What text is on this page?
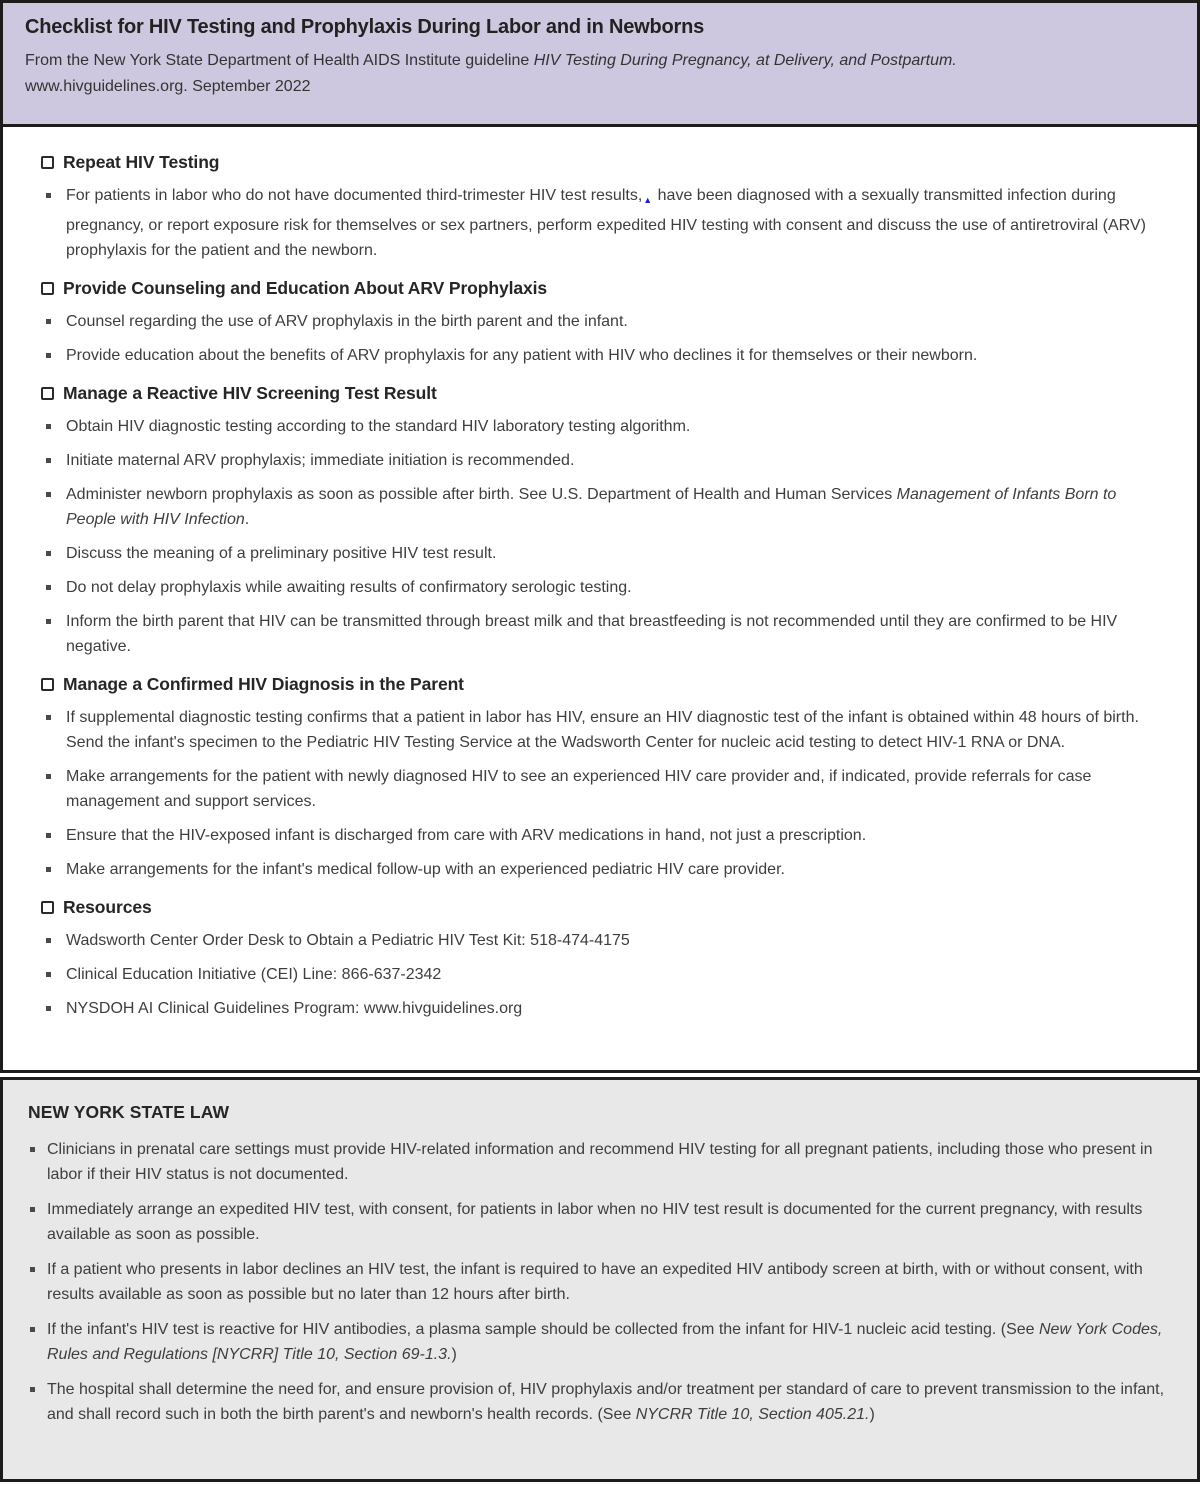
Checklist for HIV Testing and Prophylaxis During Labor and in Newborns
From the New York State Department of Health AIDS Institute guideline HIV Testing During Pregnancy, at Delivery, and Postpartum.
www.hivguidelines.org. September 2022
Repeat HIV Testing
For patients in labor who do not have documented third-trimester HIV test results,▲ have been diagnosed with a sexually transmitted infection during pregnancy, or report exposure risk for themselves or sex partners, perform expedited HIV testing with consent and discuss the use of antiretroviral (ARV) prophylaxis for the patient and the newborn.
Provide Counseling and Education About ARV Prophylaxis
Counsel regarding the use of ARV prophylaxis in the birth parent and the infant.
Provide education about the benefits of ARV prophylaxis for any patient with HIV who declines it for themselves or their newborn.
Manage a Reactive HIV Screening Test Result
Obtain HIV diagnostic testing according to the standard HIV laboratory testing algorithm.
Initiate maternal ARV prophylaxis; immediate initiation is recommended.
Administer newborn prophylaxis as soon as possible after birth. See U.S. Department of Health and Human Services Management of Infants Born to People with HIV Infection.
Discuss the meaning of a preliminary positive HIV test result.
Do not delay prophylaxis while awaiting results of confirmatory serologic testing.
Inform the birth parent that HIV can be transmitted through breast milk and that breastfeeding is not recommended until they are confirmed to be HIV negative.
Manage a Confirmed HIV Diagnosis in the Parent
If supplemental diagnostic testing confirms that a patient in labor has HIV, ensure an HIV diagnostic test of the infant is obtained within 48 hours of birth. Send the infant's specimen to the Pediatric HIV Testing Service at the Wadsworth Center for nucleic acid testing to detect HIV-1 RNA or DNA.
Make arrangements for the patient with newly diagnosed HIV to see an experienced HIV care provider and, if indicated, provide referrals for case management and support services.
Ensure that the HIV-exposed infant is discharged from care with ARV medications in hand, not just a prescription.
Make arrangements for the infant's medical follow-up with an experienced pediatric HIV care provider.
Resources
Wadsworth Center Order Desk to Obtain a Pediatric HIV Test Kit: 518-474-4175
Clinical Education Initiative (CEI) Line: 866-637-2342
NYSDOH AI Clinical Guidelines Program: www.hivguidelines.org
NEW YORK STATE LAW
Clinicians in prenatal care settings must provide HIV-related information and recommend HIV testing for all pregnant patients, including those who present in labor if their HIV status is not documented.
Immediately arrange an expedited HIV test, with consent, for patients in labor when no HIV test result is documented for the current pregnancy, with results available as soon as possible.
If a patient who presents in labor declines an HIV test, the infant is required to have an expedited HIV antibody screen at birth, with or without consent, with results available as soon as possible but no later than 12 hours after birth.
If the infant's HIV test is reactive for HIV antibodies, a plasma sample should be collected from the infant for HIV-1 nucleic acid testing. (See New York Codes, Rules and Regulations [NYCRR] Title 10, Section 69-1.3.)
The hospital shall determine the need for, and ensure provision of, HIV prophylaxis and/or treatment per standard of care to prevent transmission to the infant, and shall record such in both the birth parent's and newborn's health records. (See NYCRR Title 10, Section 405.21.)
